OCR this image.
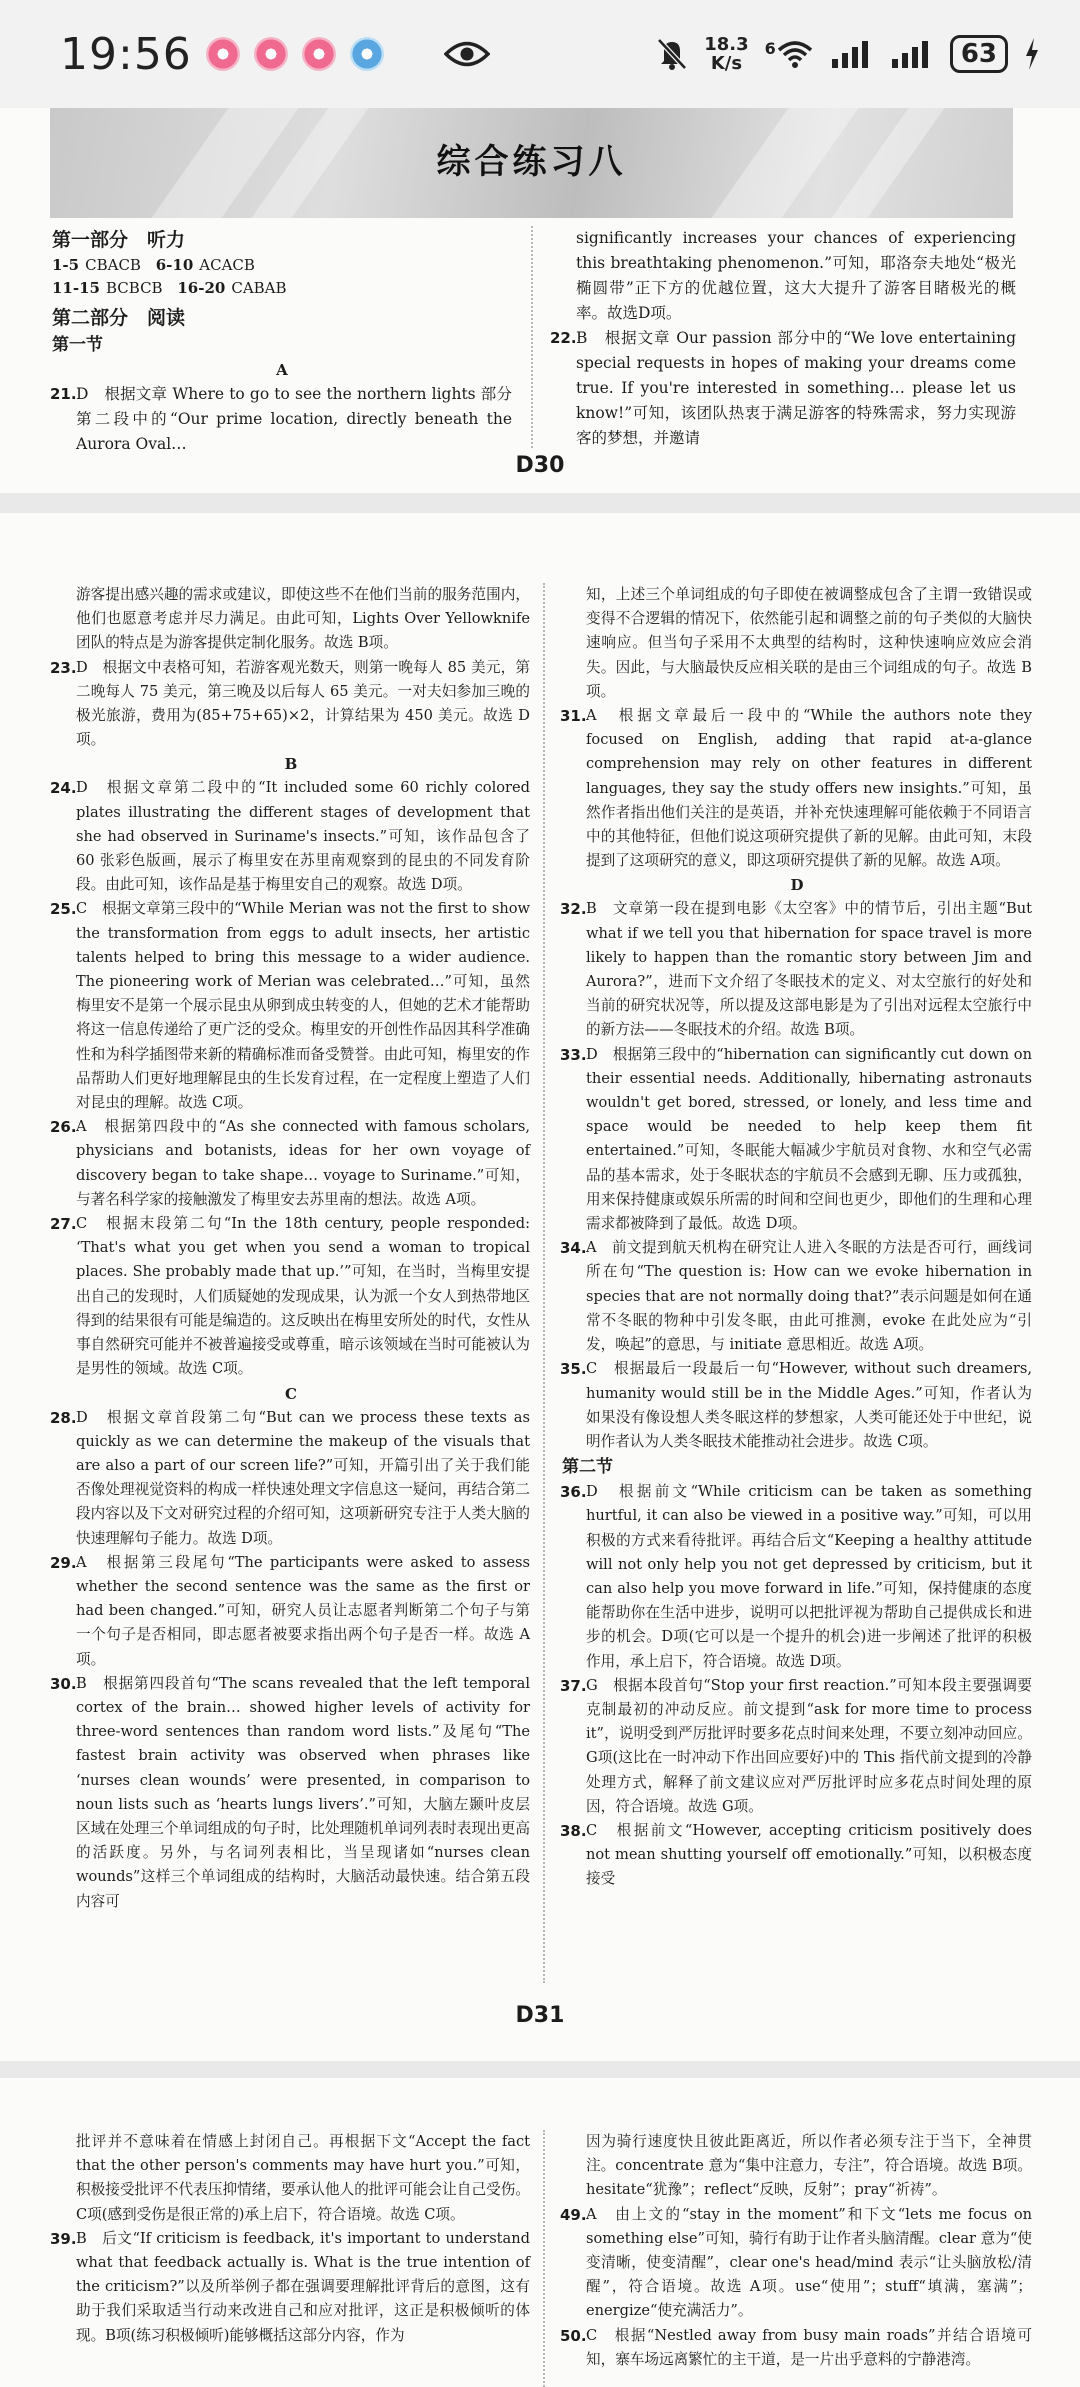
19:56	18.3
K/s
6	63
综合练习八
第一部分　听力
1-5 CBACB 6-10 ACACB
11-15 BCBCB 16-20 CABAB
第二部分　阅读
第一节
A
21. D　根据文章 Where to go to see the northern lights 部分第二段中的“Our prime location, directly beneath the Aurora Oval…
significantly increases your chances of experiencing this breathtaking phenomenon.”可知，耶洛奈夫地处“极光椭圆带”正下方的优越位置，这大大提升了游客目睹极光的概率。故选D项。
22. B　根据文章 Our passion 部分中的“We love entertaining special requests in hopes of making your dreams come true. If you're interested in something… please let us know!”可知，该团队热衷于满足游客的特殊需求，努力实现游客的梦想，并邀请
D30
游客提出感兴趣的需求或建议，即使这些不在他们当前的服务范围内，他们也愿意考虑并尽力满足。由此可知，Lights Over Yellowknife 团队的特点是为游客提供定制化服务。故选 B项。
23. D　根据文中表格可知，若游客观光数天，则第一晚每人 85 美元，第二晚每人 75 美元，第三晚及以后每人 65 美元。一对夫妇参加三晚的极光旅游，费用为(85+75+65)×2，计算结果为 450 美元。故选 D项。
B
24. D　根据文章第二段中的“It included some 60 richly colored plates illustrating the different stages of development that she had observed in Suriname's insects.”可知，该作品包含了 60 张彩色版画，展示了梅里安在苏里南观察到的昆虫的不同发育阶段。由此可知，该作品是基于梅里安自己的观察。故选 D项。
25. C　根据文章第三段中的“While Merian was not the first to show the transformation from eggs to adult insects, her artistic talents helped to bring this message to a wider audience. The pioneering work of Merian was celebrated…”可知，虽然梅里安不是第一个展示昆虫从卵到成虫转变的人，但她的艺术才能帮助将这一信息传递给了更广泛的受众。梅里安的开创性作品因其科学准确性和为科学插图带来新的精确标准而备受赞誉。由此可知，梅里安的作品帮助人们更好地理解昆虫的生长发育过程，在一定程度上塑造了人们对昆虫的理解。故选 C项。
26. A　根据第四段中的“As she connected with famous scholars, physicians and botanists, ideas for her own voyage of discovery began to take shape… voyage to Suriname.”可知，与著名科学家的接触激发了梅里安去苏里南的想法。故选 A项。
27. C　根据末段第二句“In the 18th century, people responded: ‘That's what you get when you send a woman to tropical places. She probably made that up.’”可知，在当时，当梅里安提出自己的发现时，人们质疑她的发现成果，认为派一个女人到热带地区得到的结果很有可能是编造的。这反映出在梅里安所处的时代，女性从事自然研究可能并不被普遍接受或尊重，暗示该领域在当时可能被认为是男性的领域。故选 C项。
C
28. D　根据文章首段第二句“But can we process these texts as quickly as we can determine the makeup of the visuals that are also a part of our screen life?”可知，开篇引出了关于我们能否像处理视觉资料的构成一样快速处理文字信息这一疑问，再结合第二段内容以及下文对研究过程的介绍可知，这项新研究专注于人类大脑的快速理解句子能力。故选 D项。
29. A　根据第三段尾句“The participants were asked to assess whether the second sentence was the same as the first or had been changed.”可知，研究人员让志愿者判断第二个句子与第一个句子是否相同，即志愿者被要求指出两个句子是否一样。故选 A项。
30. B　根据第四段首句“The scans revealed that the left temporal cortex of the brain… showed higher levels of activity for three-word sentences than random word lists.”及尾句“The fastest brain activity was observed when phrases like ‘nurses clean wounds’ were presented, in comparison to noun lists such as ‘hearts lungs livers’.”可知，大脑左颞叶皮层区域在处理三个单词组成的句子时，比处理随机单词列表时表现出更高的活跃度。另外，与名词列表相比，当呈现诸如“nurses clean wounds”这样三个单词组成的结构时，大脑活动最快速。结合第五段内容可
知，上述三个单词组成的句子即使在被调整成包含了主谓一致错误或变得不合逻辑的情况下，依然能引起和调整之前的句子类似的大脑快速响应。但当句子采用不太典型的结构时，这种快速响应效应会消失。因此，与大脑最快反应相关联的是由三个词组成的句子。故选 B项。
31. A　根据文章最后一段中的“While the authors note they focused on English, adding that rapid at-a-glance comprehension may rely on other features in different languages, they say the study offers new insights.”可知，虽然作者指出他们关注的是英语，并补充快速理解可能依赖于不同语言中的其他特征，但他们说这项研究提供了新的见解。由此可知，末段提到了这项研究的意义，即这项研究提供了新的见解。故选 A项。
D
32. B　文章第一段在提到电影《太空客》中的情节后，引出主题“But what if we tell you that hibernation for space travel is more likely to happen than the romantic story between Jim and Aurora?”，进而下文介绍了冬眠技术的定义、对太空旅行的好处和当前的研究状况等，所以提及这部电影是为了引出对远程太空旅行中的新方法——冬眠技术的介绍。故选 B项。
33. D　根据第三段中的“hibernation can significantly cut down on their essential needs. Additionally, hibernating astronauts wouldn't get bored, stressed, or lonely, and less time and space would be needed to help keep them fit entertained.”可知，冬眠能大幅减少宇航员对食物、水和空气必需品的基本需求，处于冬眠状态的宇航员不会感到无聊、压力或孤独，用来保持健康或娱乐所需的时间和空间也更少，即他们的生理和心理需求都被降到了最低。故选 D项。
34. A　前文提到航天机构在研究让人进入冬眠的方法是否可行，画线词所在句“The question is: How can we evoke hibernation in species that are not normally doing that?”表示问题是如何在通常不冬眠的物种中引发冬眠，由此可推测，evoke 在此处应为“引发，唤起”的意思，与 initiate 意思相近。故选 A项。
35. C　根据最后一段最后一句“However, without such dreamers, humanity would still be in the Middle Ages.”可知，作者认为如果没有像设想人类冬眠这样的梦想家，人类可能还处于中世纪，说明作者认为人类冬眠技术能推动社会进步。故选 C项。
第二节
36. D　根据前文“While criticism can be taken as something hurtful, it can also be viewed in a positive way.”可知，可以用积极的方式来看待批评。再结合后文“Keeping a healthy attitude will not only help you not get depressed by criticism, but it can also help you move forward in life.”可知，保持健康的态度能帮助你在生活中进步，说明可以把批评视为帮助自己提供成长和进步的机会。D项(它可以是一个提升的机会)进一步阐述了批评的积极作用，承上启下，符合语境。故选 D项。
37. G　根据本段首句“Stop your first reaction.”可知本段主要强调要克制最初的冲动反应。前文提到“ask for more time to process it”，说明受到严厉批评时要多花点时间来处理，不要立刻冲动回应。G项(这比在一时冲动下作出回应要好)中的 This 指代前文提到的冷静处理方式，解释了前文建议应对严厉批评时应多花点时间处理的原因，符合语境。故选 G项。
38. C　根据前文“However, accepting criticism positively does not mean shutting yourself off emotionally.”可知，以积极态度接受
D31
批评并不意味着在情感上封闭自己。再根据下文“Accept the fact that the other person's comments may have hurt you.”可知，积极接受批评不代表压抑情绪，要承认他人的批评可能会让自己受伤。C项(感到受伤是很正常的)承上启下，符合语境。故选 C项。
39. B　后文“If criticism is feedback, it's important to understand what that feedback actually is. What is the true intention of the criticism?”以及所举例子都在强调要理解批评背后的意图，这有助于我们采取适当行动来改进自己和应对批评，这正是积极倾听的体现。B项(练习积极倾听)能够概括这部分内容，作为
因为骑行速度快且彼此距离近，所以作者必须专注于当下，全神贯注。concentrate 意为“集中注意力，专注”，符合语境。故选 B项。hesitate“犹豫”；reflect“反映，反射”；pray“祈祷”。
49. A　由上文的“stay in the moment”和下文“lets me focus on something else”可知，骑行有助于让作者头脑清醒。clear 意为“使变清晰，使变清醒”，clear one's head/mind 表示“让头脑放松/清醒”，符合语境。故选 A项。use“使用”；stuff“填满，塞满”；energize“使充满活力”。
50. C　根据“Nestled away from busy main roads”并结合语境可知，寨车场远离繁忙的主干道，是一片出乎意料的宁静港湾。
